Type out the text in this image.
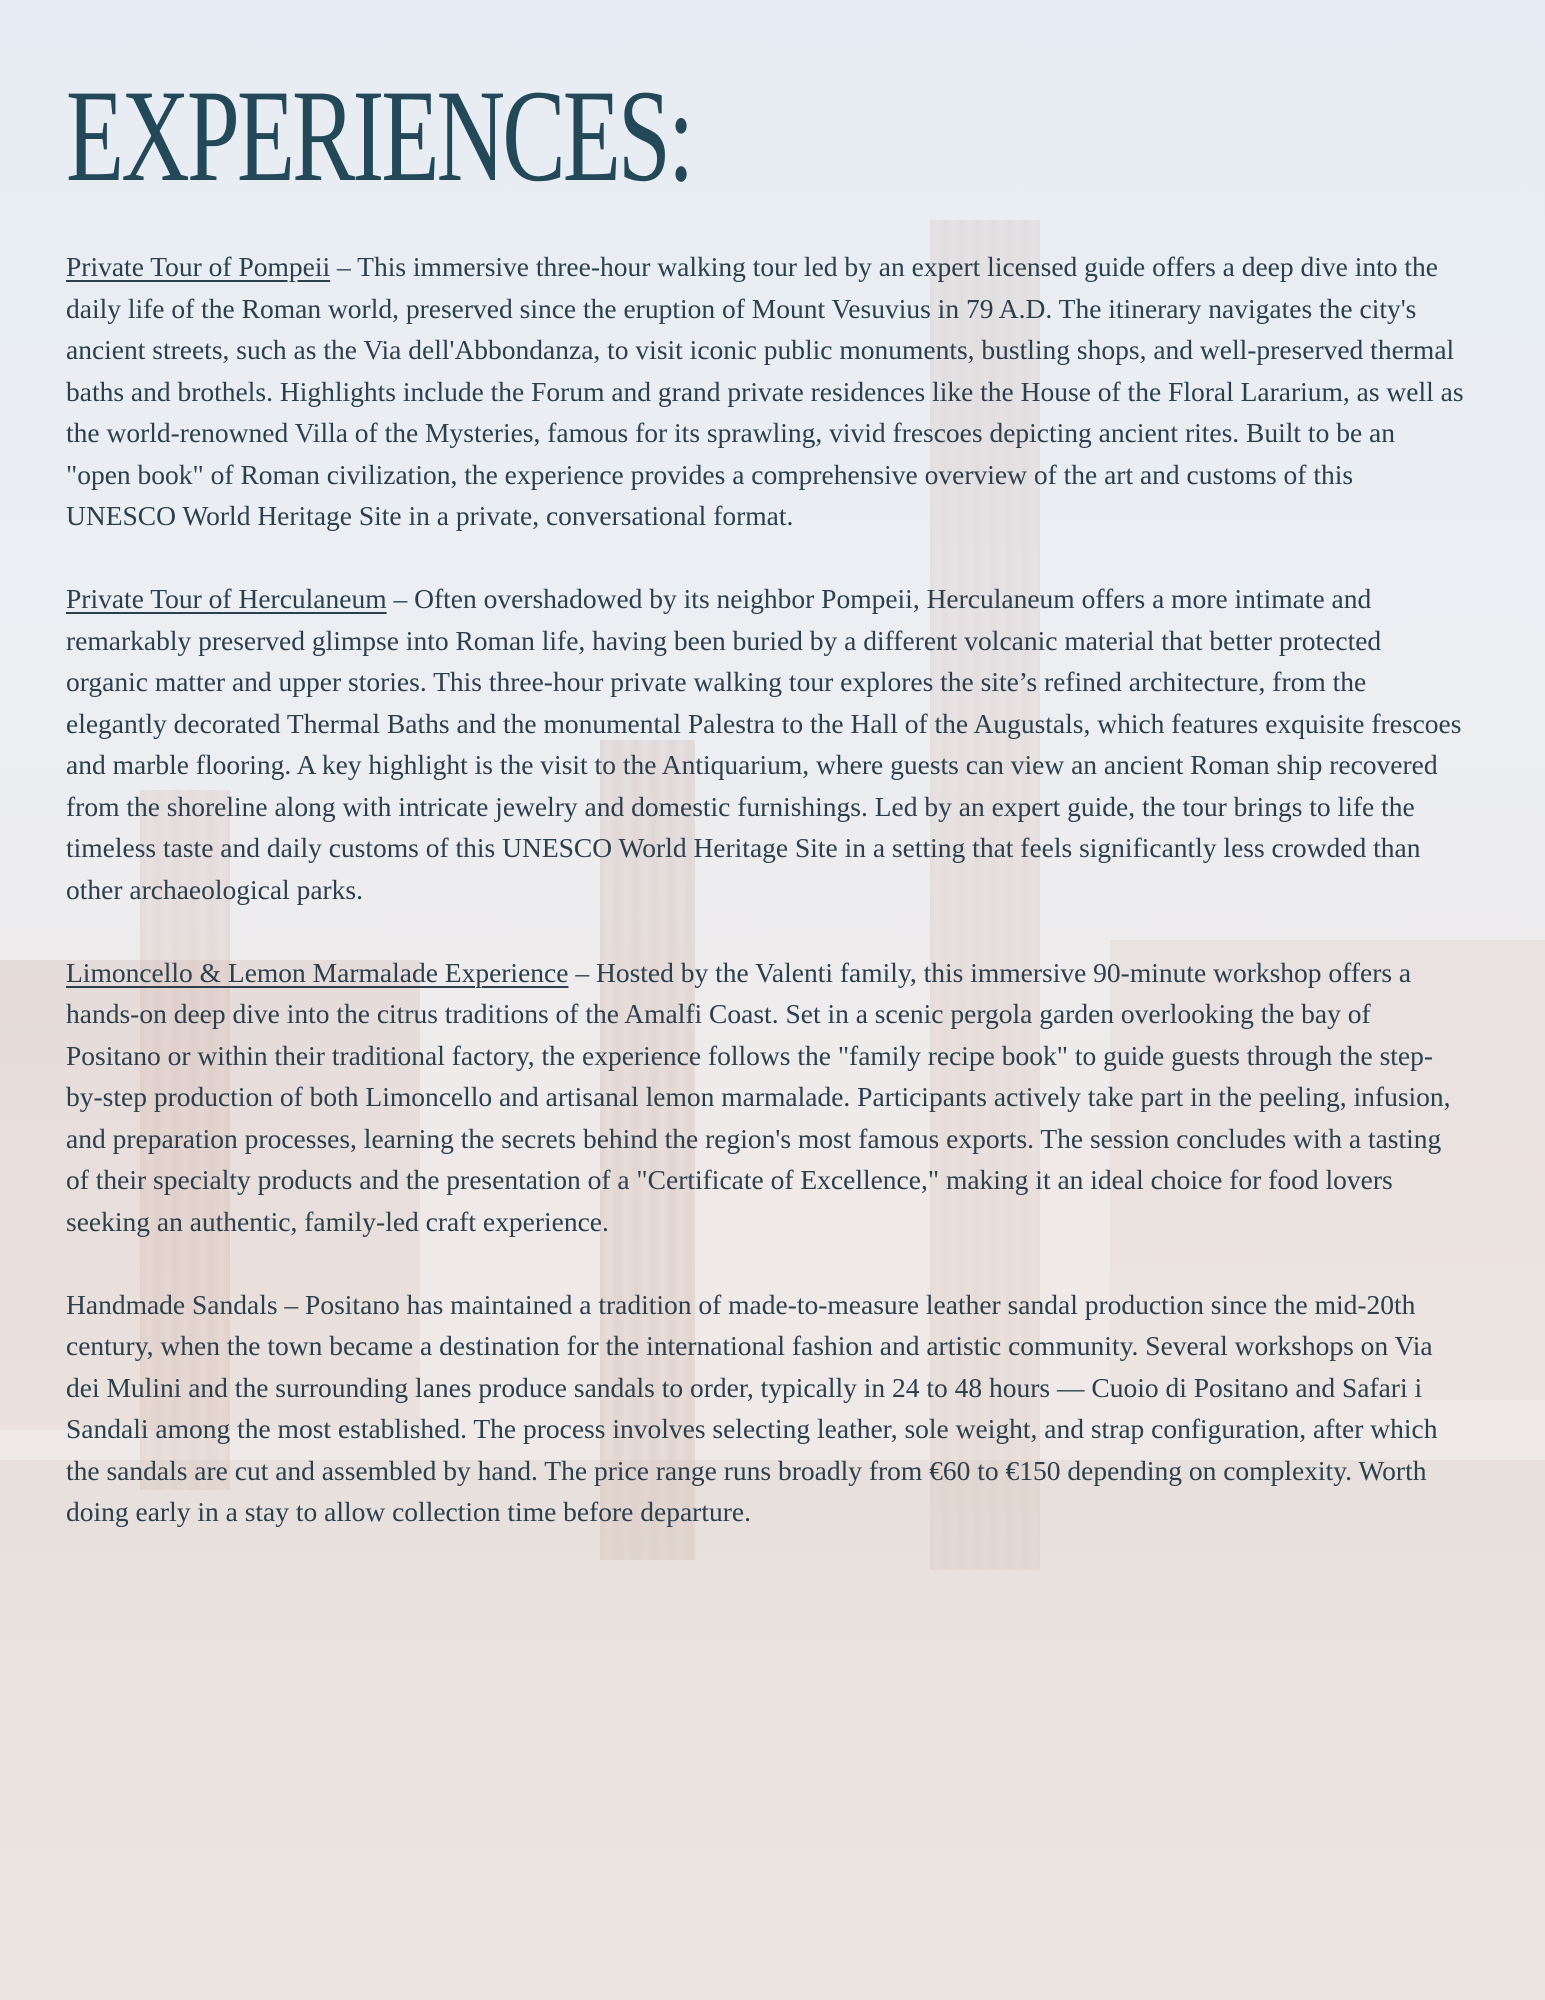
EXPERIENCES:

Private Tour of Pompeii – This immersive three-hour walking tour led by an expert licensed guide offers a deep dive into the daily life of the Roman world, preserved since the eruption of Mount Vesuvius in 79 A.D. The itinerary navigates the city's ancient streets, such as the Via dell'Abbondanza, to visit iconic public monuments, bustling shops, and well-preserved thermal baths and brothels. Highlights include the Forum and grand private residences like the House of the Floral Lararium, as well as the world-renowned Villa of the Mysteries, famous for its sprawling, vivid frescoes depicting ancient rites. Built to be an "open book" of Roman civilization, the experience provides a comprehensive overview of the art and customs of this UNESCO World Heritage Site in a private, conversational format.

Private Tour of Herculaneum – Often overshadowed by its neighbor Pompeii, Herculaneum offers a more intimate and remarkably preserved glimpse into Roman life, having been buried by a different volcanic material that better protected organic matter and upper stories. This three-hour private walking tour explores the site’s refined architecture, from the elegantly decorated Thermal Baths and the monumental Palestra to the Hall of the Augustals, which features exquisite frescoes and marble flooring. A key highlight is the visit to the Antiquarium, where guests can view an ancient Roman ship recovered from the shoreline along with intricate jewelry and domestic furnishings. Led by an expert guide, the tour brings to life the timeless taste and daily customs of this UNESCO World Heritage Site in a setting that feels significantly less crowded than other archaeological parks.

Limoncello & Lemon Marmalade Experience – Hosted by the Valenti family, this immersive 90-minute workshop offers a hands-on deep dive into the citrus traditions of the Amalfi Coast. Set in a scenic pergola garden overlooking the bay of Positano or within their traditional factory, the experience follows the "family recipe book" to guide guests through the step-by-step production of both Limoncello and artisanal lemon marmalade. Participants actively take part in the peeling, infusion, and preparation processes, learning the secrets behind the region's most famous exports. The session concludes with a tasting of their specialty products and the presentation of a "Certificate of Excellence," making it an ideal choice for food lovers seeking an authentic, family-led craft experience.

Handmade Sandals – Positano has maintained a tradition of made-to-measure leather sandal production since the mid-20th century, when the town became a destination for the international fashion and artistic community. Several workshops on Via dei Mulini and the surrounding lanes produce sandals to order, typically in 24 to 48 hours — Cuoio di Positano and Safari i Sandali among the most established. The process involves selecting leather, sole weight, and strap configuration, after which the sandals are cut and assembled by hand. The price range runs broadly from €60 to €150 depending on complexity. Worth doing early in a stay to allow collection time before departure.
